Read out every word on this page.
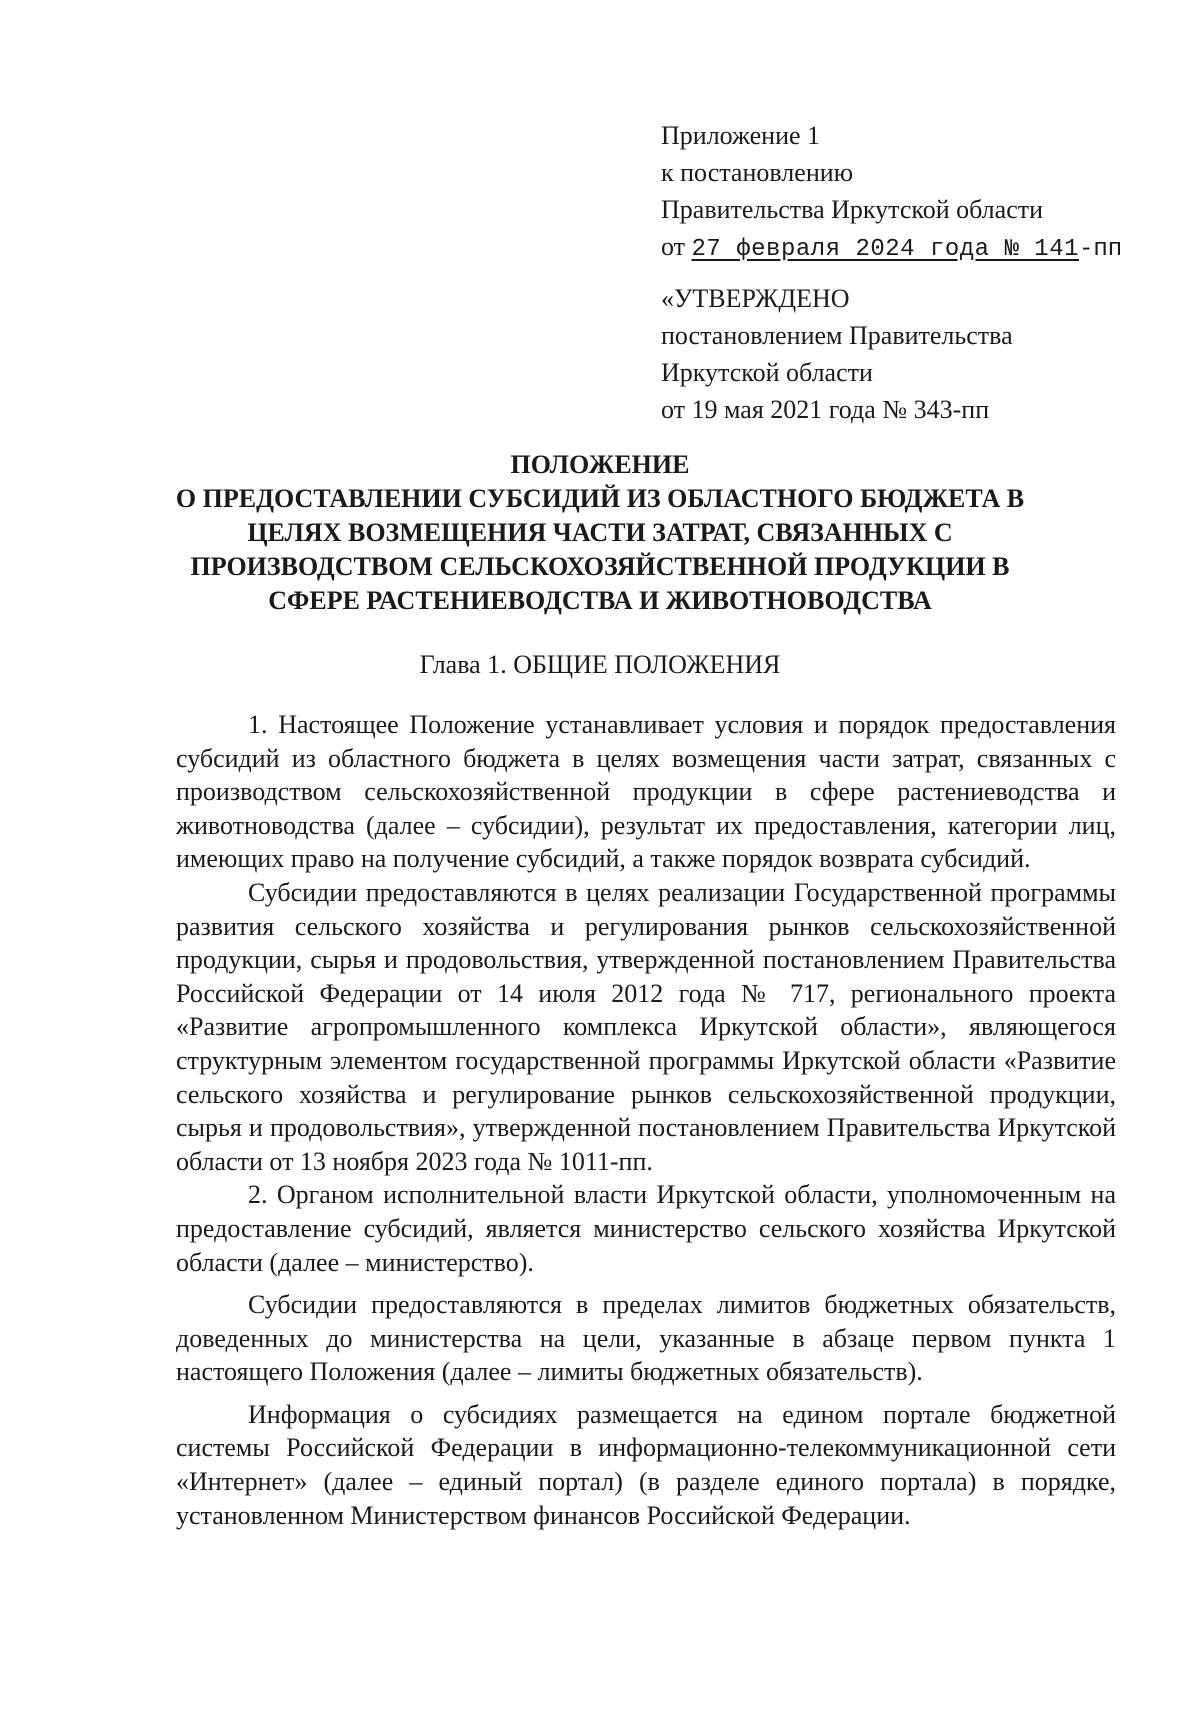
Приложение 1
к постановлению
Правительства Иркутской области
от 27 февраля 2024 года № 141-пп
«УТВЕРЖДЕНО
постановлением Правительства
Иркутской области
от 19 мая 2021 года № 343-пп
ПОЛОЖЕНИЕ
О ПРЕДОСТАВЛЕНИИ СУБСИДИЙ ИЗ ОБЛАСТНОГО БЮДЖЕТА В
ЦЕЛЯХ ВОЗМЕЩЕНИЯ ЧАСТИ ЗАТРАТ, СВЯЗАННЫХ С
ПРОИЗВОДСТВОМ СЕЛЬСКОХОЗЯЙСТВЕННОЙ ПРОДУКЦИИ В
СФЕРЕ РАСТЕНИЕВОДСТВА И ЖИВОТНОВОДСТВА
Глава 1. ОБЩИЕ ПОЛОЖЕНИЯ

1. Настоящее Положение устанавливает условия и порядок предоставления субсидий из областного бюджета в целях возмещения части затрат, связанных с производством сельскохозяйственной продукции в сфере растениеводства и животноводства (далее – субсидии), результат их предоставления, категории лиц, имеющих право на получение субсидий, а также порядок возврата субсидий.

Субсидии предоставляются в целях реализации Государственной программы развития сельского хозяйства и регулирования рынков сельскохозяйственной продукции, сырья и продовольствия, утвержденной постановлением Правительства Российской Федерации от 14 июля 2012 года № 717, регионального проекта «Развитие агропромышленного комплекса Иркутской области», являющегося структурным элементом государственной программы Иркутской области «Развитие сельского хозяйства и регулирование рынков сельскохозяйственной продукции, сырья и продовольствия», утвержденной постановлением Правительства Иркутской области от 13 ноября 2023 года № 1011-пп.

2. Органом исполнительной власти Иркутской области, уполномоченным на предоставление субсидий, является министерство сельского хозяйства Иркутской области (далее – министерство).

Субсидии предоставляются в пределах лимитов бюджетных обязательств, доведенных до министерства на цели, указанные в абзаце первом пункта 1 настоящего Положения (далее – лимиты бюджетных обязательств).

Информация о субсидиях размещается на едином портале бюджетной системы Российской Федерации в информационно-телекоммуникационной сети «Интернет» (далее – единый портал) (в разделе единого портала) в порядке, установленном Министерством финансов Российской Федерации.
